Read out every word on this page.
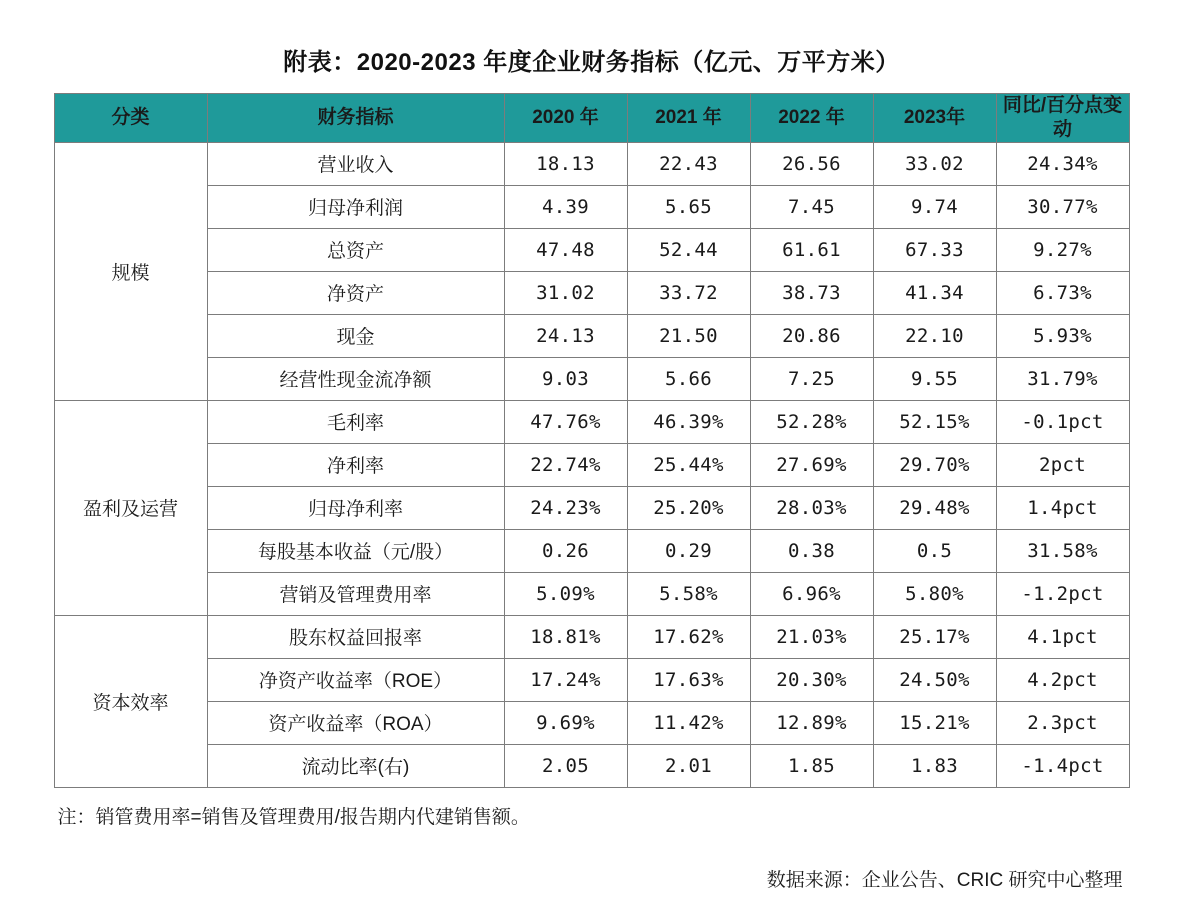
附表：2020-2023 年度企业财务指标（亿元、万平方米）
分类	财务指标	2020 年	2021 年	2022 年	2023年	同比/百分点变动
规模	营业收入	18.13	22.43	26.56	33.02	24.34%
	归母净利润	4.39	5.65	7.45	9.74	30.77%
	总资产	47.48	52.44	61.61	67.33	9.27%
	净资产	31.02	33.72	38.73	41.34	6.73%
	现金	24.13	21.50	20.86	22.10	5.93%
	经营性现金流净额	9.03	5.66	7.25	9.55	31.79%
盈利及运营	毛利率	47.76%	46.39%	52.28%	52.15%	-0.1pct
	净利率	22.74%	25.44%	27.69%	29.70%	2pct
	归母净利率	24.23%	25.20%	28.03%	29.48%	1.4pct
	每股基本收益（元/股）	0.26	0.29	0.38	0.5	31.58%
	营销及管理费用率	5.09%	5.58%	6.96%	5.80%	-1.2pct
资本效率	股东权益回报率	18.81%	17.62%	21.03%	25.17%	4.1pct
	净资产收益率（ROE）	17.24%	17.63%	20.30%	24.50%	4.2pct
	资产收益率（ROA）	9.69%	11.42%	12.89%	15.21%	2.3pct
	流动比率(右)	2.05	2.01	1.85	1.83	-1.4pct
注：销管费用率=销售及管理费用/报告期内代建销售额。
数据来源：企业公告、CRIC 研究中心整理
